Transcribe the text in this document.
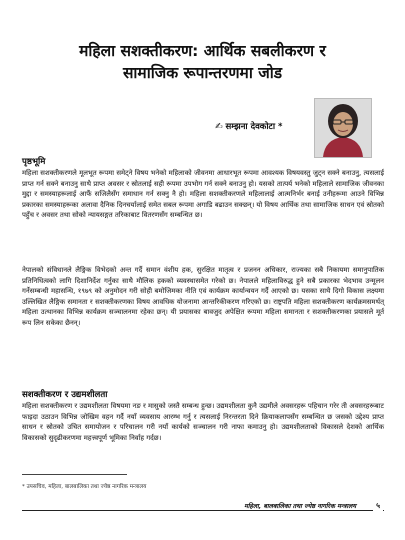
महिला सशक्तीकरण: आर्थिक सबलीकरण र
सामाजिक रूपान्तरणमा जोड
✍ सम्झना देवकोटा *
पृष्ठभूमि
महिला सशक्तीकरणले मूलभूत रूपमा समेट्ने विषय भनेको महिलाको जीवनमा आधारभूत रूपमा आवश्यक विषयवस्तु जुट्न सक्ने बनाउनु, त्यसलाई प्राप्त गर्न सक्ने बनाउनु साथै प्राप्त अवसर र स्रोतलाई सही रूपमा उपभोग गर्न सक्ने बनाउनु हो। यसको तात्पर्य भनेको महिलाले सामाजिक जीवनका मुद्दा र समस्याहरूलाई आफैं सजिलैसँग समाधान गर्न सक्नु नै हो। महिला सशक्तीकरणले महिलालाई आत्मनिर्भर बनाई उनीहरूमा आउने विभिन्न प्रकारका समस्याहरूका अलावा दैनिक दिनचर्यालाई समेत सबल रूपमा अगाडि बढाउन सक्छन्। यो विषय आर्थिक तथा सामाजिक साधन एवं स्रोतको पहुँच र अवसर तथा सोको न्यायसङ्गत तरिकाबाट वितरणसँग सम्बन्धित छ।
नेपालको संविधानले लैङ्गिक विभेदको अन्त गर्दै समान वंशीय हक, सुरक्षित मातृत्व र प्रजनन अधिकार, राज्यका सबै निकायमा समानुपातिक प्रतिनिधित्वको लागि दिशानिर्देश गर्नुका साथै मौलिक हकको व्यवस्थासमेत गरेको छ। नेपालले महिलाविरुद्ध हुने सबै प्रकारका भेदभाव उन्मूलन गर्नेसम्बन्धी महासन्धि, १९७९ को अनुमोदन गरी सोही बमोजिमका नीति एवं कार्यक्रम कार्यान्वयन गर्दै आएको छ। यसका साथै दिगो विकास लक्ष्यमा उल्लिखित लैङ्गिक समानता र सशक्तीकरणका विषय आवधिक योजनामा आन्तरिकीकरण गरिएको छ। राष्ट्रपति महिला सशक्तीकरण कार्यक्रमसमर्थत् महिला उत्थानका विभिन्न कार्यक्रम सञ्चालनमा रहेका छन्। यी प्रयासका बावजुद अपेक्षित रूपमा महिला समानता र सशक्तीकरणका प्रयासले मूर्त रूप लिन सकेका छैनन्।
सशक्तीकरण र उद्यमशीलता
महिला सशक्तीकरण र उद्यमशीलता विषयमा नङ र मासुको जस्तै सम्बन्ध हुन्छ। उद्यमशीलता कुनै उद्यमीले अवसरहरू पहिचान गरेर ती अवसरहरूबाट फाइदा उठाउन विभिन्न जोखिम वहन गर्दै नयाँ व्यवसाय आरम्भ गर्नु र त्यसलाई निरन्तरता दिने क्रियाकलापसँग सम्बन्धित छ जसको उद्देश्य प्राप्त साधन र स्रोतको उचित समायोजन र परिचालन गरी नयाँ कार्यको सञ्चालन गरी नाफा कमाउनु हो। उद्यमशीलताको विकासले देशको आर्थिक विकासको सुदृढीकरणमा महत्त्वपूर्ण भूमिका निर्वाह गर्दछ।
* उपसचिव, महिला, बालबालिका तथा ज्येष्ठ नागरिक मन्त्रालय
महिला, बालबालिका तथा ज्येष्ठ नागरिक मन्त्रालय	५
